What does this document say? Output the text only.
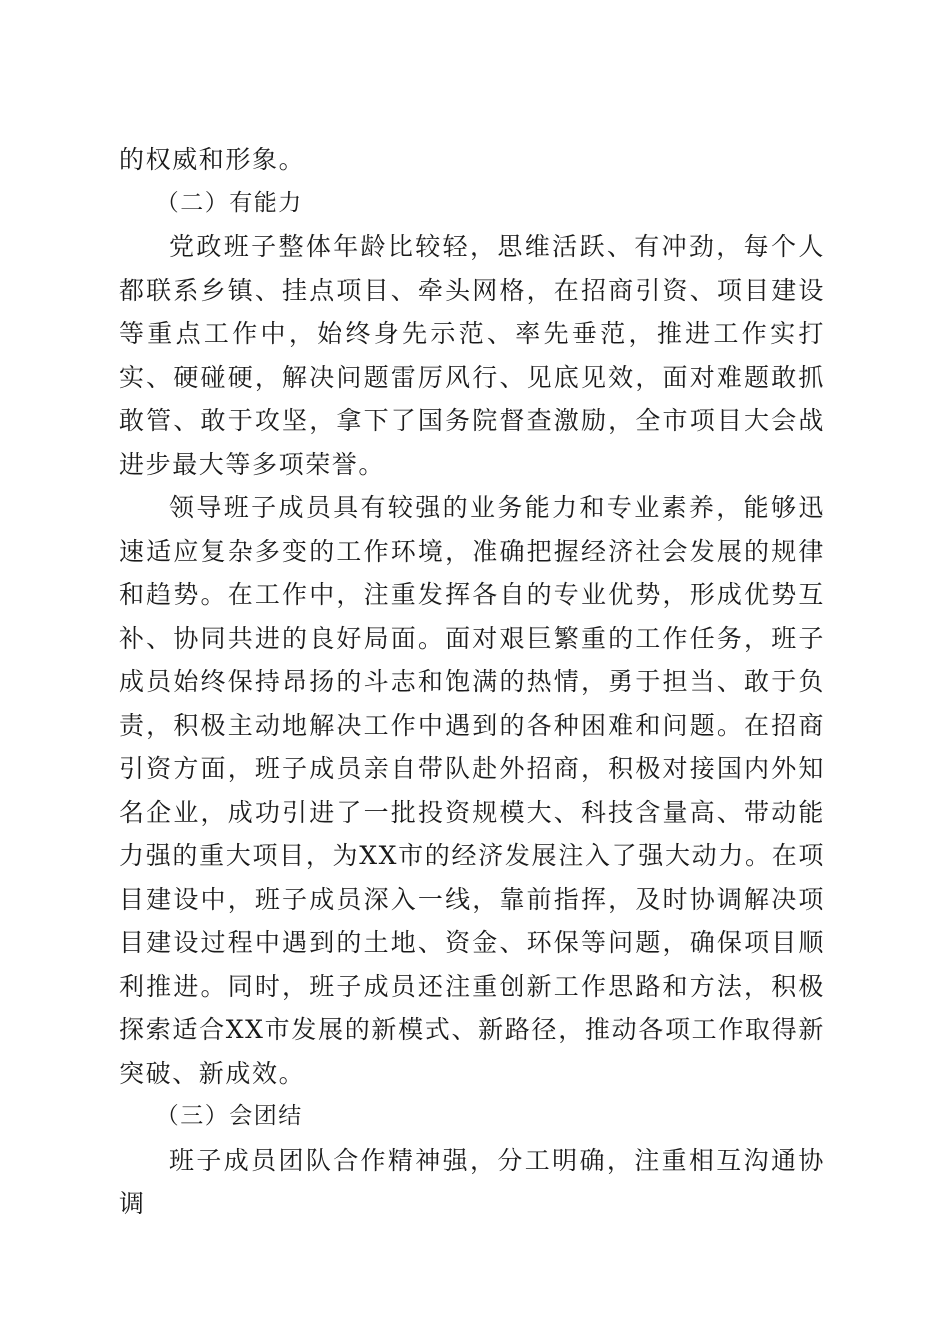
的权威和形象。

（二）有能力

党政班子整体年龄比较轻，思维活跃、有冲劲，每个人都联系乡镇、挂点项目、牵头网格，在招商引资、项目建设等重点工作中，始终身先示范、率先垂范，推进工作实打实、硬碰硬，解决问题雷厉风行、见底见效，面对难题敢抓敢管、敢于攻坚，拿下了国务院督查激励，全市项目大会战进步最大等多项荣誉。

领导班子成员具有较强的业务能力和专业素养，能够迅速适应复杂多变的工作环境，准确把握经济社会发展的规律和趋势。在工作中，注重发挥各自的专业优势，形成优势互补、协同共进的良好局面。面对艰巨繁重的工作任务，班子成员始终保持昂扬的斗志和饱满的热情，勇于担当、敢于负责，积极主动地解决工作中遇到的各种困难和问题。在招商引资方面，班子成员亲自带队赴外招商，积极对接国内外知名企业，成功引进了一批投资规模大、科技含量高、带动能力强的重大项目，为XX市的经济发展注入了强大动力。在项目建设中，班子成员深入一线，靠前指挥，及时协调解决项目建设过程中遇到的土地、资金、环保等问题，确保项目顺利推进。同时，班子成员还注重创新工作思路和方法，积极探索适合XX市发展的新模式、新路径，推动各项工作取得新突破、新成效。

（三）会团结

班子成员团队合作精神强，分工明确，注重相互沟通协调
